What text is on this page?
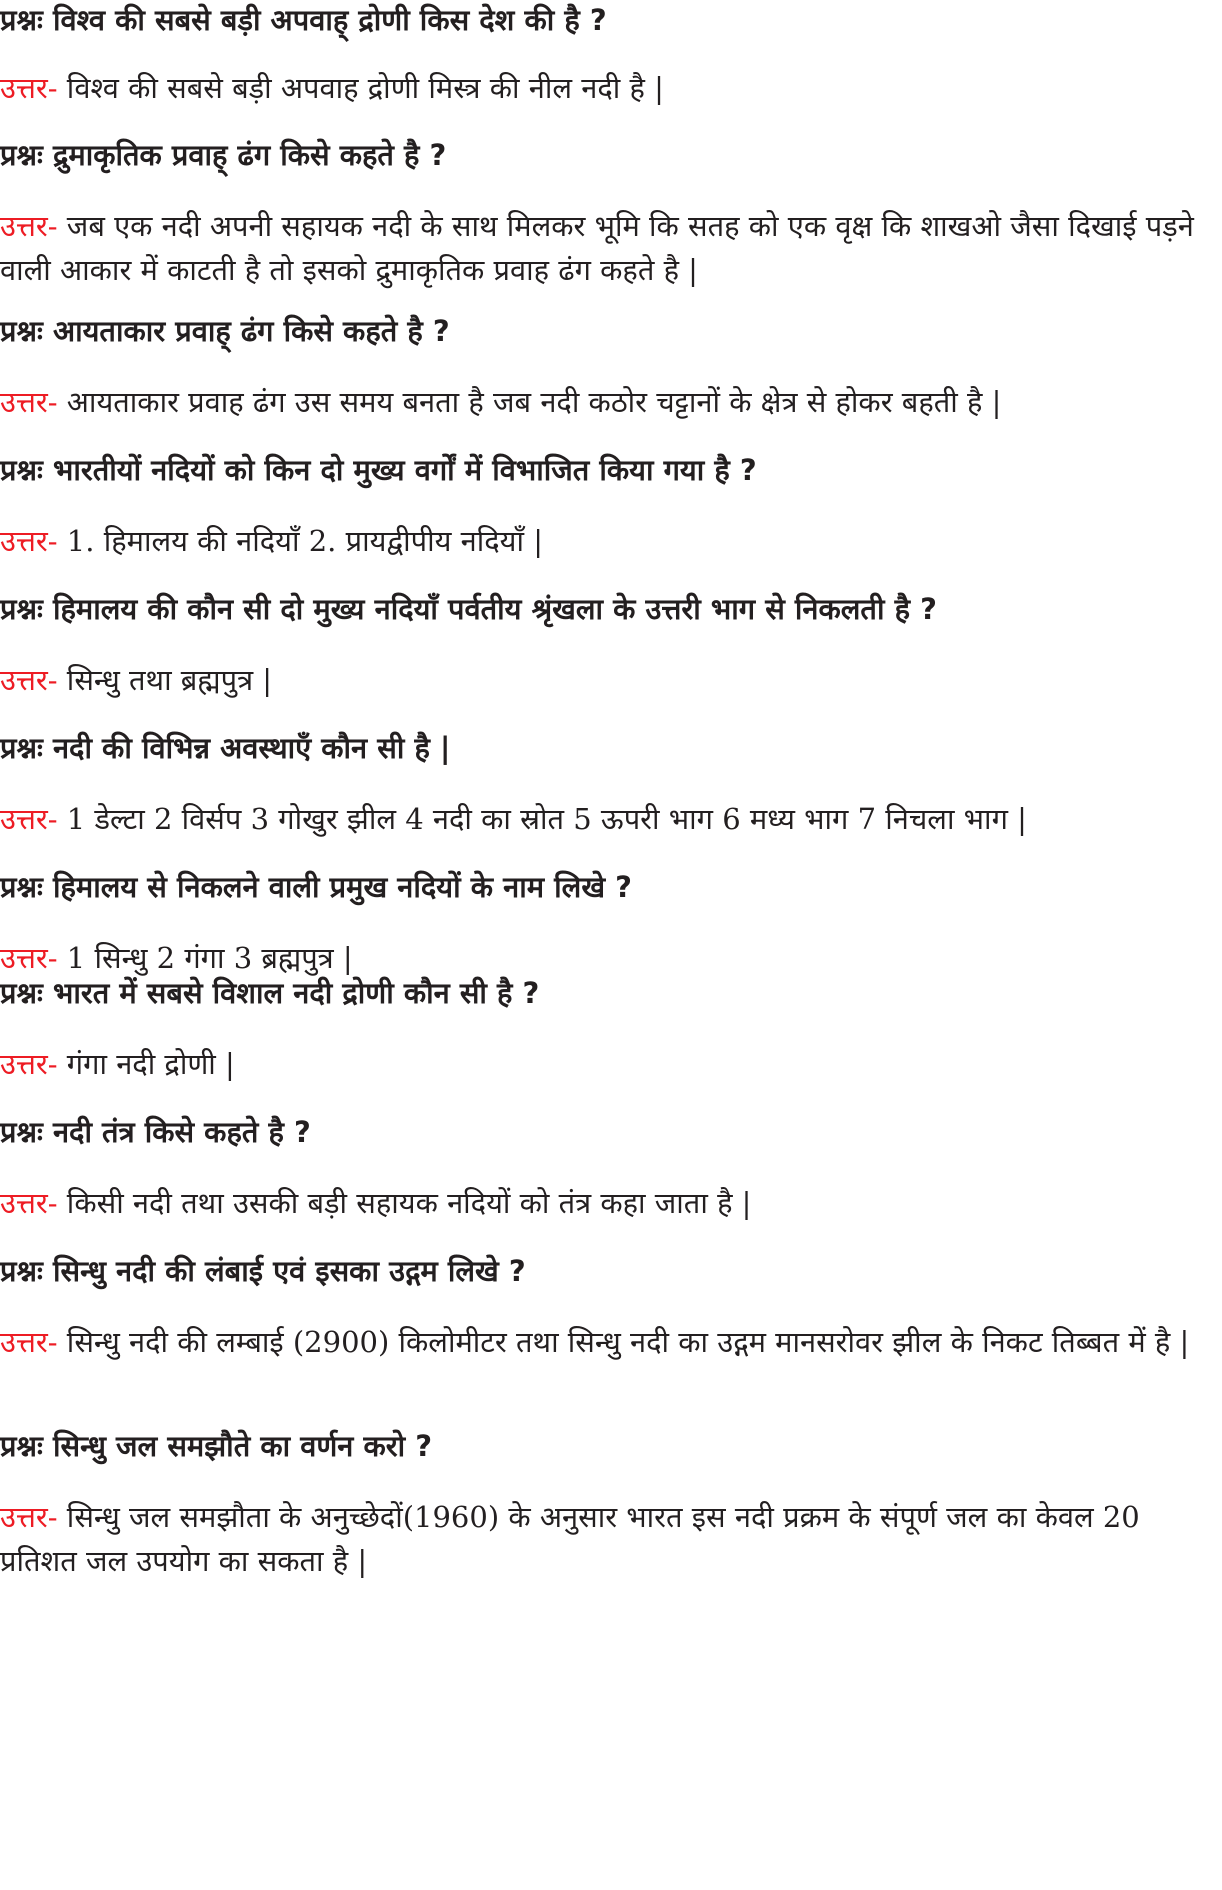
प्रश्नः विश्व की सबसे बड़ी अपवाह् द्रोणी किस देश की है ?
उत्तर- विश्व की सबसे बड़ी अपवाह द्रोणी मिस्त्र की नील नदी है |
प्रश्नः द्रुमाकृतिक प्रवाह् ढंग किसे कहते है ?
उत्तर- जब एक नदी अपनी सहायक नदी के साथ मिलकर भूमि कि सतह को एक वृक्ष कि शाखओ जैसा दिखाई पड़ने वाली आकार में काटती है तो इसको द्रुमाकृतिक प्रवाह ढंग कहते है |
प्रश्नः आयताकार प्रवाह् ढंग किसे कहते है ?
उत्तर- आयताकार प्रवाह ढंग उस समय बनता है जब नदी कठोर चट्टानों के क्षेत्र से होकर बहती है |
प्रश्नः भारतीयों नदियों को किन दो मुख्य वर्गों में विभाजित किया गया है ?
उत्तर- 1. हिमालय की नदियाँ 2. प्रायद्वीपीय नदियाँ |
प्रश्नः हिमालय की कौन सी दो मुख्य नदियाँ पर्वतीय श्रृंखला के उत्तरी भाग से निकलती है ?
उत्तर- सिन्धु तथा ब्रह्मपुत्र |
प्रश्नः नदी की विभिन्न अवस्थाएँ कौन सी है |
उत्तर- 1 डेल्टा 2 विर्सप 3 गोखुर झील 4 नदी का स्रोत 5 ऊपरी भाग 6 मध्य भाग 7 निचला भाग |
प्रश्नः हिमालय से निकलने वाली प्रमुख नदियों के नाम लिखे ?
उत्तर- 1 सिन्धु 2 गंगा 3 ब्रह्मपुत्र |
प्रश्नः भारत में सबसे विशाल नदी द्रोणी कौन सी है ?
उत्तर- गंगा नदी द्रोणी |
प्रश्नः नदी तंत्र किसे कहते है ?
उत्तर- किसी नदी तथा उसकी बड़ी सहायक नदियों को तंत्र कहा जाता है |
प्रश्नः सिन्धु नदी की लंबाई एवं इसका उद्गम लिखे ?
उत्तर- सिन्धु नदी की लम्बाई (2900) किलोमीटर तथा सिन्धु नदी का उद्गम मानसरोवर झील के निकट तिब्बत में है |
प्रश्नः सिन्धु जल समझौते का वर्णन करो ?
उत्तर- सिन्धु जल समझौता के अनुच्छेदों(1960) के अनुसार भारत इस नदी प्रक्रम के संपूर्ण जल का केवल 20 प्रतिशत जल उपयोग का सकता है |
